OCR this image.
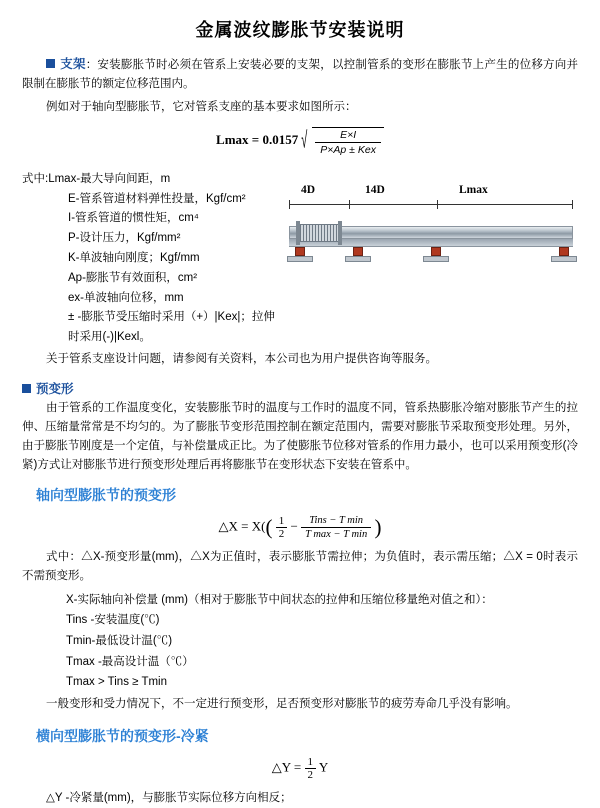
金属波纹膨胀节安装说明

支架：安装膨胀节时必须在管系上安装必要的支架，以控制管系的变形在膨胀节上产生的位移方向并限制在膨胀节的额定位移范围内。

例如对于轴向型膨胀节，它对管系支座的基本要求如图所示：

Lmax = 0.0157 √ $\frac{E\times I}{\text{P×Ap ± Kex}}$
式中:Lmax-最大导向间距，m
E-管系管道材料弹性投量，Kgf/cm²
I-管系管道的惯性矩，cm⁴
P-设计压力，Kgf/mm²
K-单波轴向刚度；Kgf/mm
Ap-膨胀节有效面积，cm²
ex-单波轴向位移，mm
± -膨胀节受压缩时采用（+）|Kex|；拉伸时采用(-)|Kexl。
4D	14D	Lmax

关于管系支座设计问题，请参阅有关资料，本公司也为用户提供咨询等服务。

预变形

由于管系的工作温度变化，安装膨胀节时的温度与工作时的温度不同，管系热膨胀冷缩对膨胀节产生的拉伸、压缩量常常是不均匀的。为了膨胀节变形范围控制在额定范围内，需要对膨胀节采取预变形处理。另外，由于膨胀节刚度是一个定值，与补偿量成正比。为了使膨胀节位移对管系的作用力最小，也可以采用预变形(冷紧)方式让对膨胀节进行预变形处理后再将膨胀节在变形状态下安装在管系中。

轴向型膨胀节的预变形
△X = $X(( \frac{1}{2} - \frac{\text{Tins − T min}}{\text{T max − T min}}$ )

式中：△X-预变形量(mm)，△X为正值时，表示膨胀节需拉伸；为负值时，表示需压缩；△X = 0时表示不需预变形。

X-实际轴向补偿量 (mm)（相对于膨胀节中间状态的拉伸和压缩位移量绝对值之和）：
Tins -安装温度(℃)
Tmin-最低设计温(℃)
Tmax -最高设计温（℃）
Tmax > Tins ≥ Tmin

一般变形和受力情况下，不一定进行预变形，足否预变形对膨胀节的疲劳寿命几乎没有影响。

横向型膨胀节的预变形-冷紧
△Y = $\frac{1}{2}$ Y

△Y -冷紧量(mm)，与膨胀节实际位移方向相反；
